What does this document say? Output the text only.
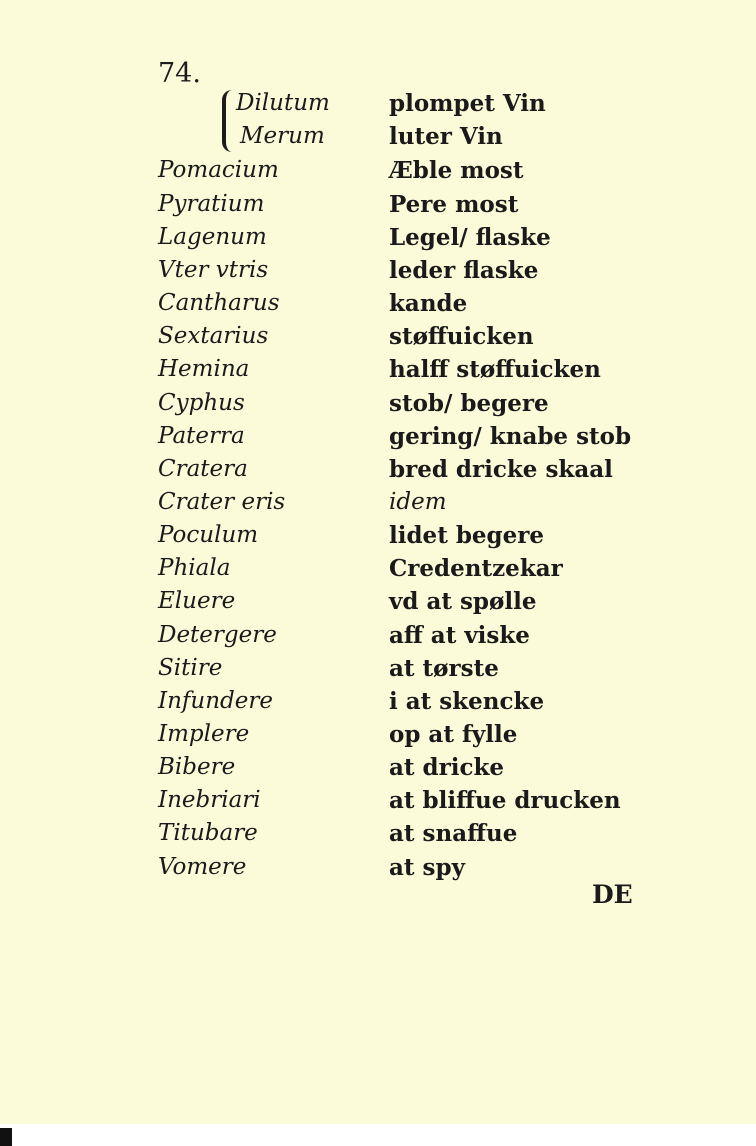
74.
Dilutum	plompet Vin
Merum	luter Vin
Pomacium	Æble most
Pyratium	Pere most
Lagenum	Legel/ flaske
Vter vtris	leder flaske
Cantharus	kande
Sextarius	støffuicken
Hemina	halff støffuicken
Cyphus	stob/ begere
Paterra	gering/ knabe stob
Cratera	bred dricke skaal
Crater eris	idem
Poculum	lidet begere
Phiala	Credentzekar
Eluere	vd at spølle
Detergere	aff at viske
Sitire	at tørste
Infundere	i at skencke
Implere	op at fylle
Bibere	at dricke
Inebriari	at bliffue drucken
Titubare	at snaffue
Vomere	at spy
DE
